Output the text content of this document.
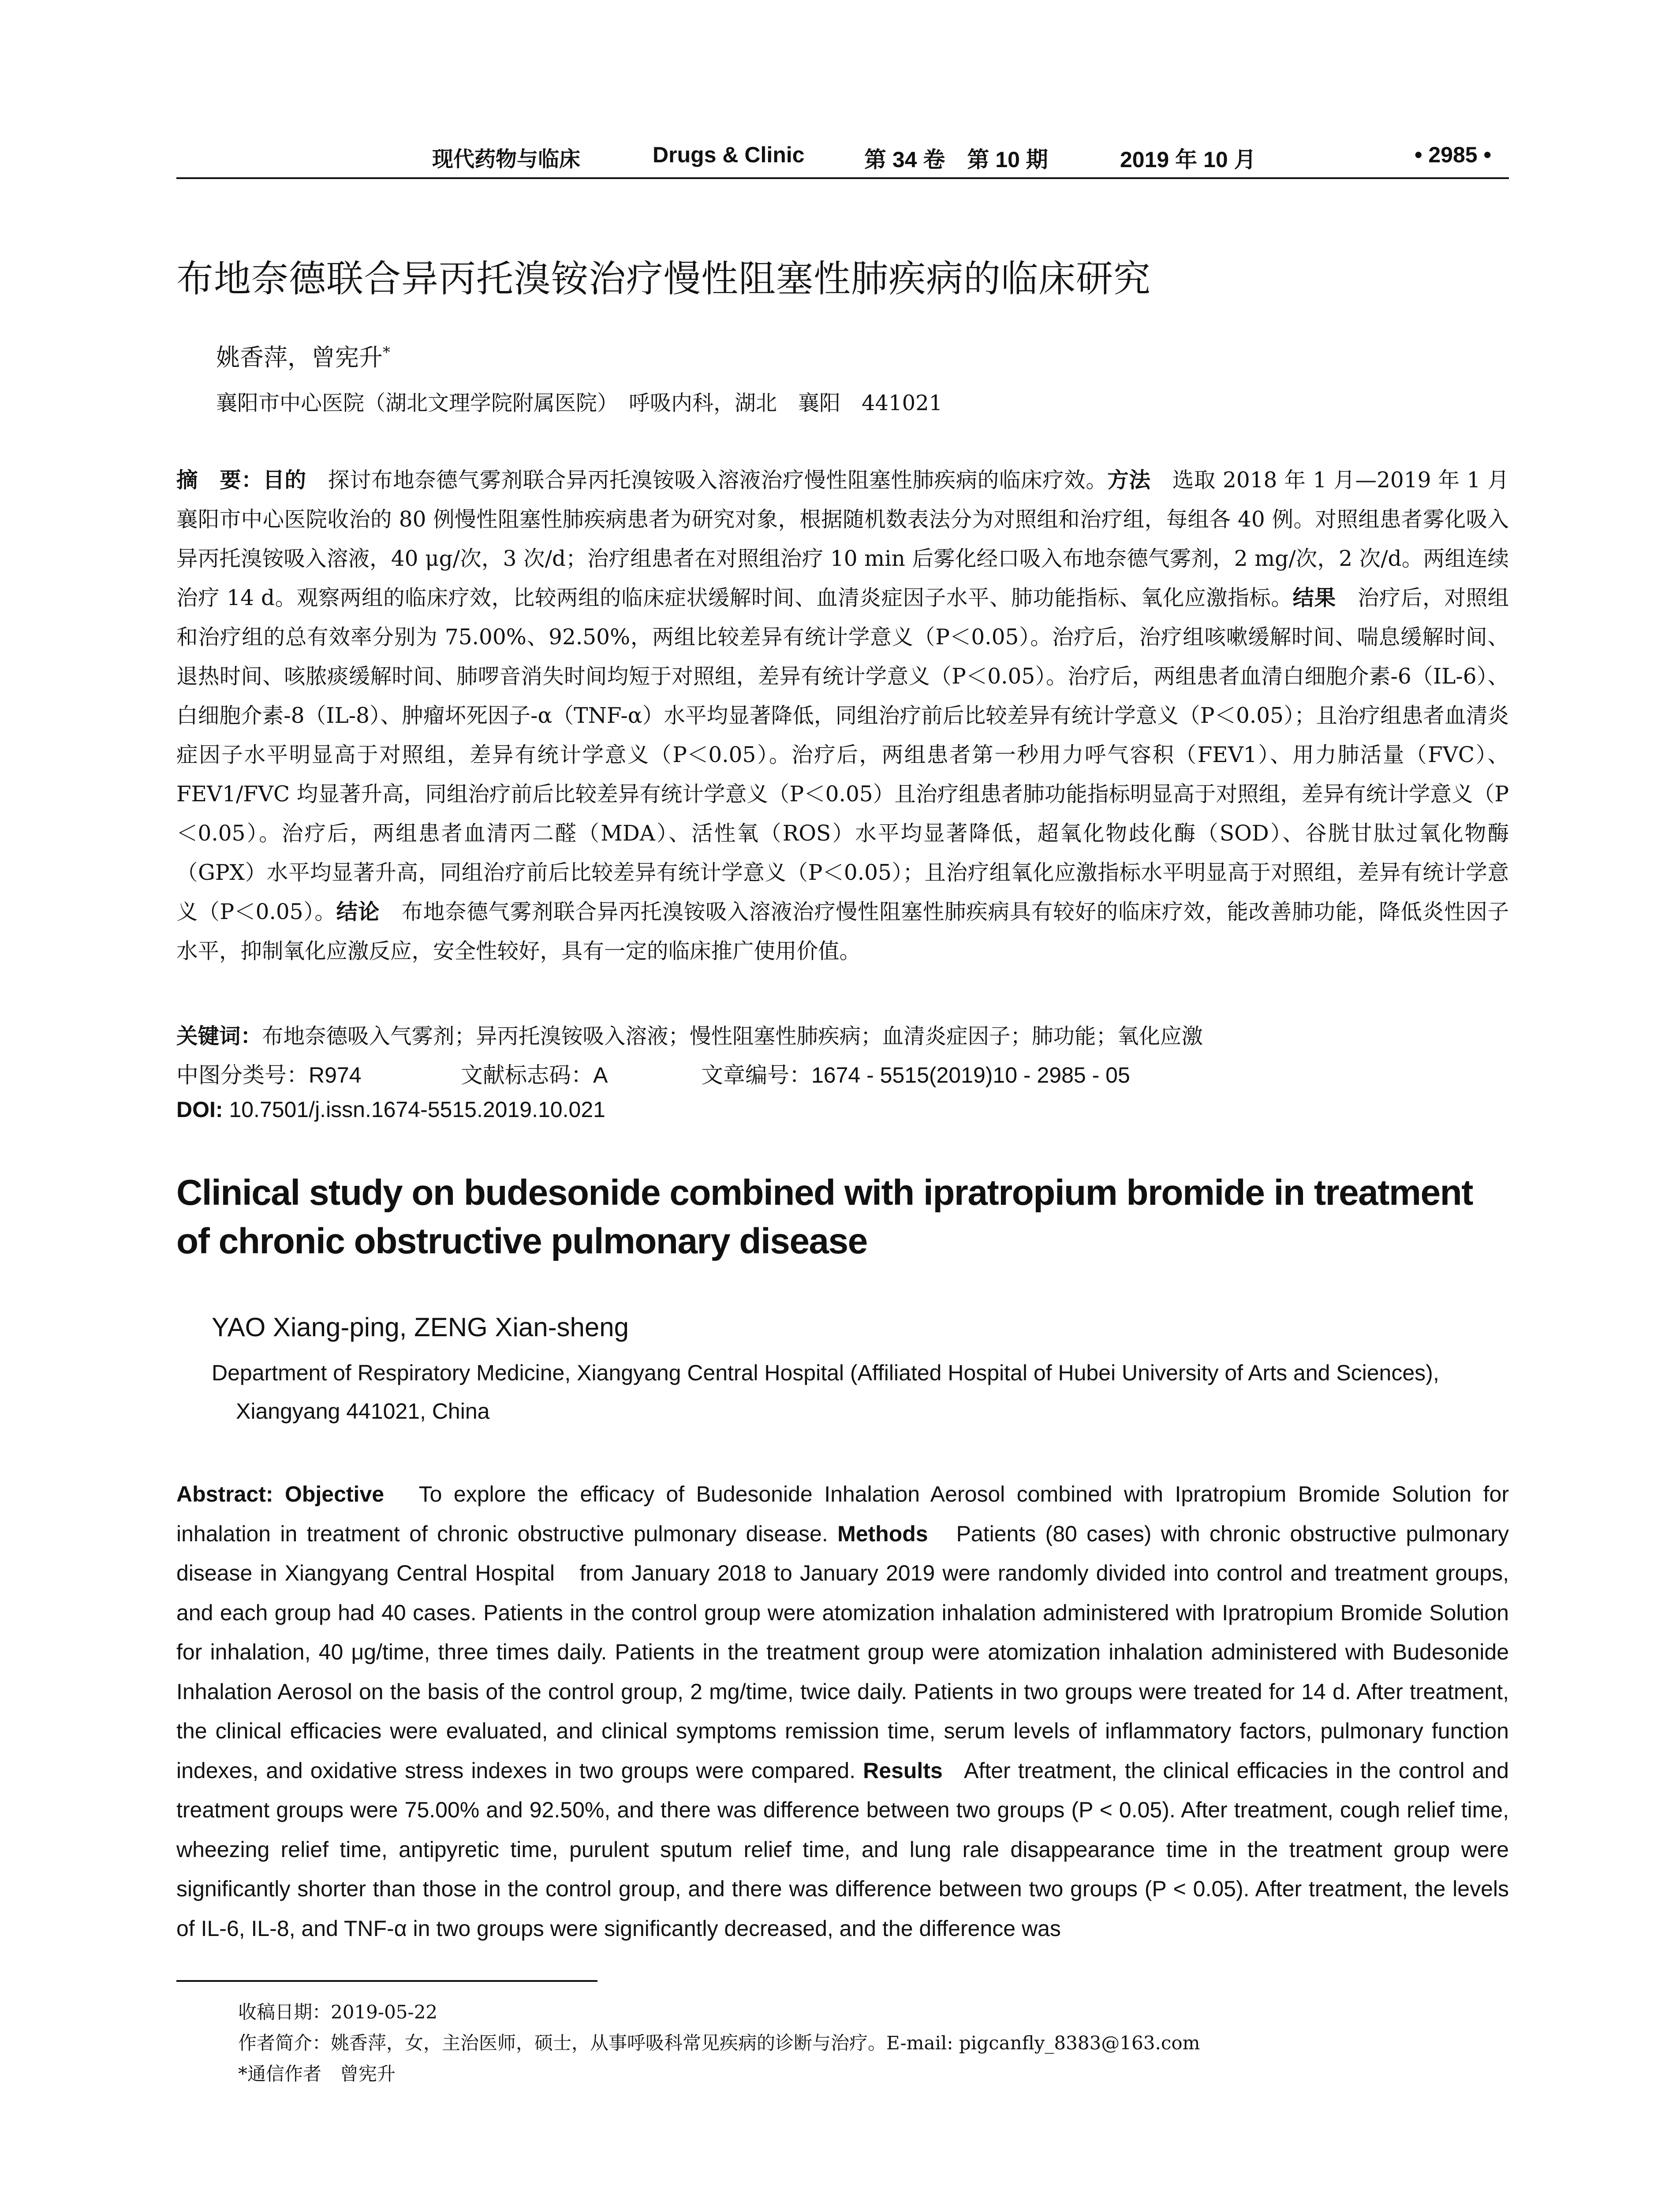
现代药物与临床	Drugs & Clinic	第 34 卷　第 10 期	2019 年 10 月	• 2985 •
布地奈德联合异丙托溴铵治疗慢性阻塞性肺疾病的临床研究
姚香萍，曾宪升*
襄阳市中心医院（湖北文理学院附属医院）　呼吸内科，湖北　襄阳　441021
摘　要：目的　 探讨布地奈德气雾剂联合异丙托溴铵吸入溶液治疗慢性阻塞性肺疾病的临床疗效。方法　 选取 2018 年 1 月—2019 年 1 月襄阳市中心医院收治的 80 例慢性阻塞性肺疾病患者为研究对象，根据随机数表法分为对照组和治疗组，每组各 40 例。对照组患者雾化吸入异丙托溴铵吸入溶液，40 μg/次，3 次/d；治疗组患者在对照组治疗 10 min 后雾化经口吸入布地奈德气雾剂，2 mg/次，2 次/d。两组连续治疗 14 d。观察两组的临床疗效，比较两组的临床症状缓解时间、血清炎症因子水平、肺功能指标、氧化应激指标。结果　 治疗后，对照组和治疗组的总有效率分别为 75.00%、92.50%，两组比较差异有统计学意义（P＜0.05）。治疗后，治疗组咳嗽缓解时间、喘息缓解时间、退热时间、咳脓痰缓解时间、肺啰音消失时间均短于对照组，差异有统计学意义（P＜0.05）。治疗后，两组患者血清白细胞介素-6（IL-6）、白细胞介素-8（IL-8）、肿瘤坏死因子-α（TNF-α）水平均显著降低，同组治疗前后比较差异有统计学意义（P＜0.05）；且治疗组患者血清炎症因子水平明显高于对照组，差异有统计学意义（P＜0.05）。治疗后，两组患者第一秒用力呼气容积（FEV1）、用力肺活量（FVC）、FEV1/FVC 均显著升高，同组治疗前后比较差异有统计学意义（P＜0.05）且治疗组患者肺功能指标明显高于对照组，差异有统计学意义（P＜0.05）。治疗后，两组患者血清丙二醛（MDA）、活性氧（ROS）水平均显著降低，超氧化物歧化酶（SOD）、谷胱甘肽过氧化物酶（GPX）水平均显著升高，同组治疗前后比较差异有统计学意义（P＜0.05）；且治疗组氧化应激指标水平明显高于对照组，差异有统计学意义（P＜0.05）。结论　 布地奈德气雾剂联合异丙托溴铵吸入溶液治疗慢性阻塞性肺疾病具有较好的临床疗效，能改善肺功能，降低炎性因子水平，抑制氧化应激反应，安全性较好，具有一定的临床推广使用价值。
关键词：布地奈德吸入气雾剂；异丙托溴铵吸入溶液；慢性阻塞性肺疾病；血清炎症因子；肺功能；氧化应激
中图分类号：R974	文献标志码：A	文章编号：1674 - 5515(2019)10 - 2985 - 05
DOI: 10.7501/j.issn.1674-5515.2019.10.021
Clinical study on budesonide combined with ipratropium bromide in treatment of chronic obstructive pulmonary disease
YAO Xiang-ping, ZENG Xian-sheng
Department of Respiratory Medicine, Xiangyang Central Hospital (Affiliated Hospital of Hubei University of Arts and Sciences),
Xiangyang 441021, China
Abstract: Objective To explore the efficacy of Budesonide Inhalation Aerosol combined with Ipratropium Bromide Solution for inhalation in treatment of chronic obstructive pulmonary disease. Methods Patients (80 cases) with chronic obstructive pulmonary disease in Xiangyang Central Hospital　from January 2018 to January 2019 were randomly divided into control and treatment groups, and each group had 40 cases. Patients in the control group were atomization inhalation administered with Ipratropium Bromide Solution for inhalation, 40 μg/time, three times daily. Patients in the treatment group were atomization inhalation administered with Budesonide Inhalation Aerosol on the basis of the control group, 2 mg/time, twice daily. Patients in two groups were treated for 14 d. After treatment, the clinical efficacies were evaluated, and clinical symptoms remission time, serum levels of inflammatory factors, pulmonary function indexes, and oxidative stress indexes in two groups were compared. Results After treatment, the clinical efficacies in the control and treatment groups were 75.00% and 92.50%, and there was difference between two groups (P < 0.05). After treatment, cough relief time, wheezing relief time, antipyretic time, purulent sputum relief time, and lung rale disappearance time in the treatment group were significantly shorter than those in the control group, and there was difference between two groups (P < 0.05). After treatment, the levels of IL-6, IL-8, and TNF-α in two groups were significantly decreased, and the difference was
收稿日期：2019-05-22
作者简介：姚香萍，女，主治医师，硕士，从事呼吸科常见疾病的诊断与治疗。E-mail: pigcanfly_8383@163.com
*通信作者　曾宪升
